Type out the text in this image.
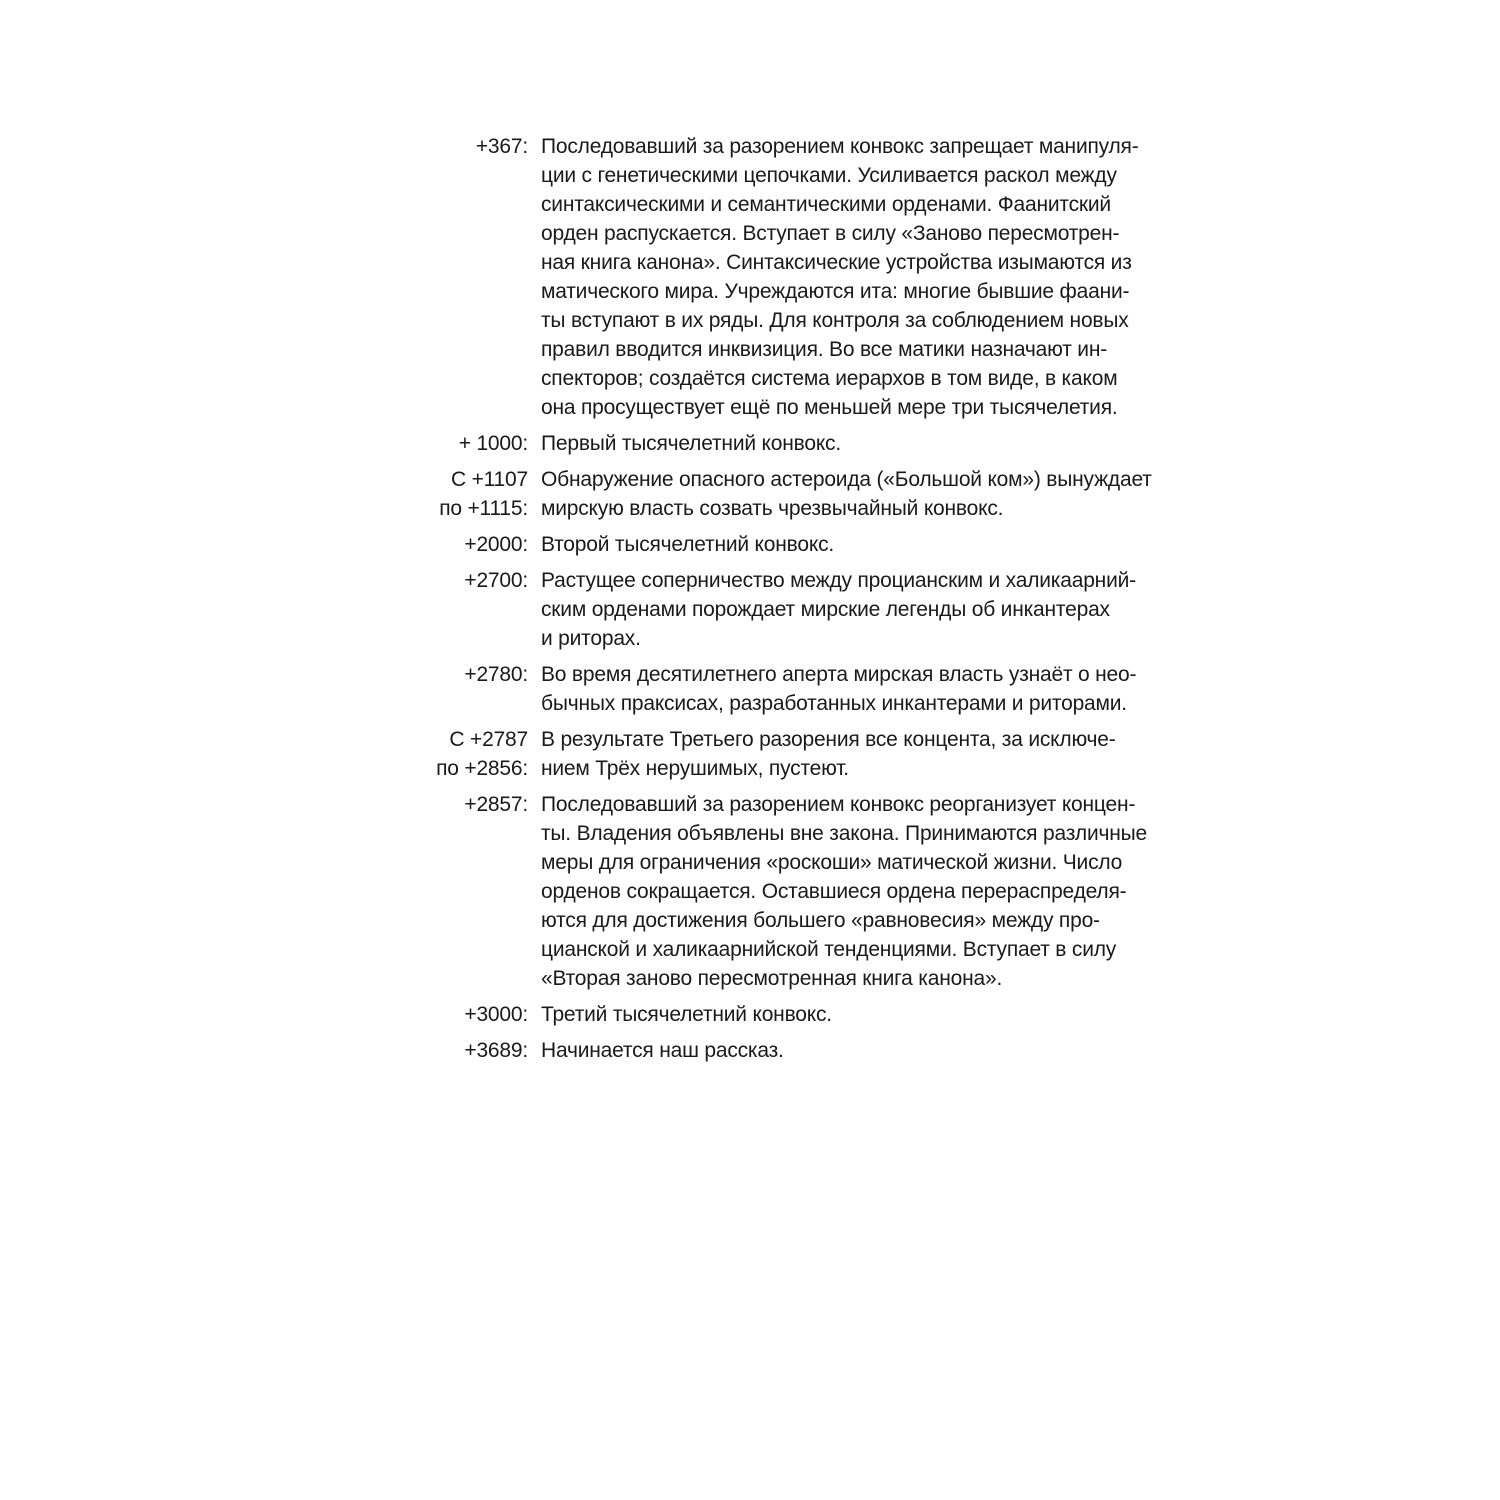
+367: Последовавший за разорением конвокс запрещает манипуля-
ции с генетическими цепочками. Усиливается раскол между
синтаксическими и семантическими орденами. Фаанитский
орден распускается. Вступает в силу «Заново пересмотрен-
ная книга канона». Синтаксические устройства изымаются из
матического мира. Учреждаются ита: многие бывшие фаани-
ты вступают в их ряды. Для контроля за соблюдением новых
правил вводится инквизиция. Во все матики назначают ин-
спекторов; создаётся система иерархов в том виде, в каком
она просуществует ещё по меньшей мере три тысячелетия.
+ 1000: Первый тысячелетний конвокс.
С +1107
по +1115:
Обнаружение опасного астероида («Большой ком») вынуждает
мирскую власть созвать чрезвычайный конвокс.
+2000: Второй тысячелетний конвокс.
+2700: Растущее соперничество между процианским и халикаарний-
ским орденами порождает мирские легенды об инкантерах
и риторах.
+2780: Во время десятилетнего аперта мирская власть узнаёт о нео-
бычных праксисах, разработанных инкантерами и риторами.
С +2787
по +2856:
В результате Третьего разорения все концента, за исключе-
нием Трёх нерушимых, пустеют.
+2857: Последовавший за разорением конвокс реорганизует концен-
ты. Владения объявлены вне закона. Принимаются различные
меры для ограничения «роскоши» матической жизни. Число
орденов сокращается. Оставшиеся ордена перераспределя-
ются для достижения большего «равновесия» между про-
цианской и халикаарнийской тенденциями. Вступает в силу
«Вторая заново пересмотренная книга канона».
+3000: Третий тысячелетний конвокс.
+3689: Начинается наш рассказ.
